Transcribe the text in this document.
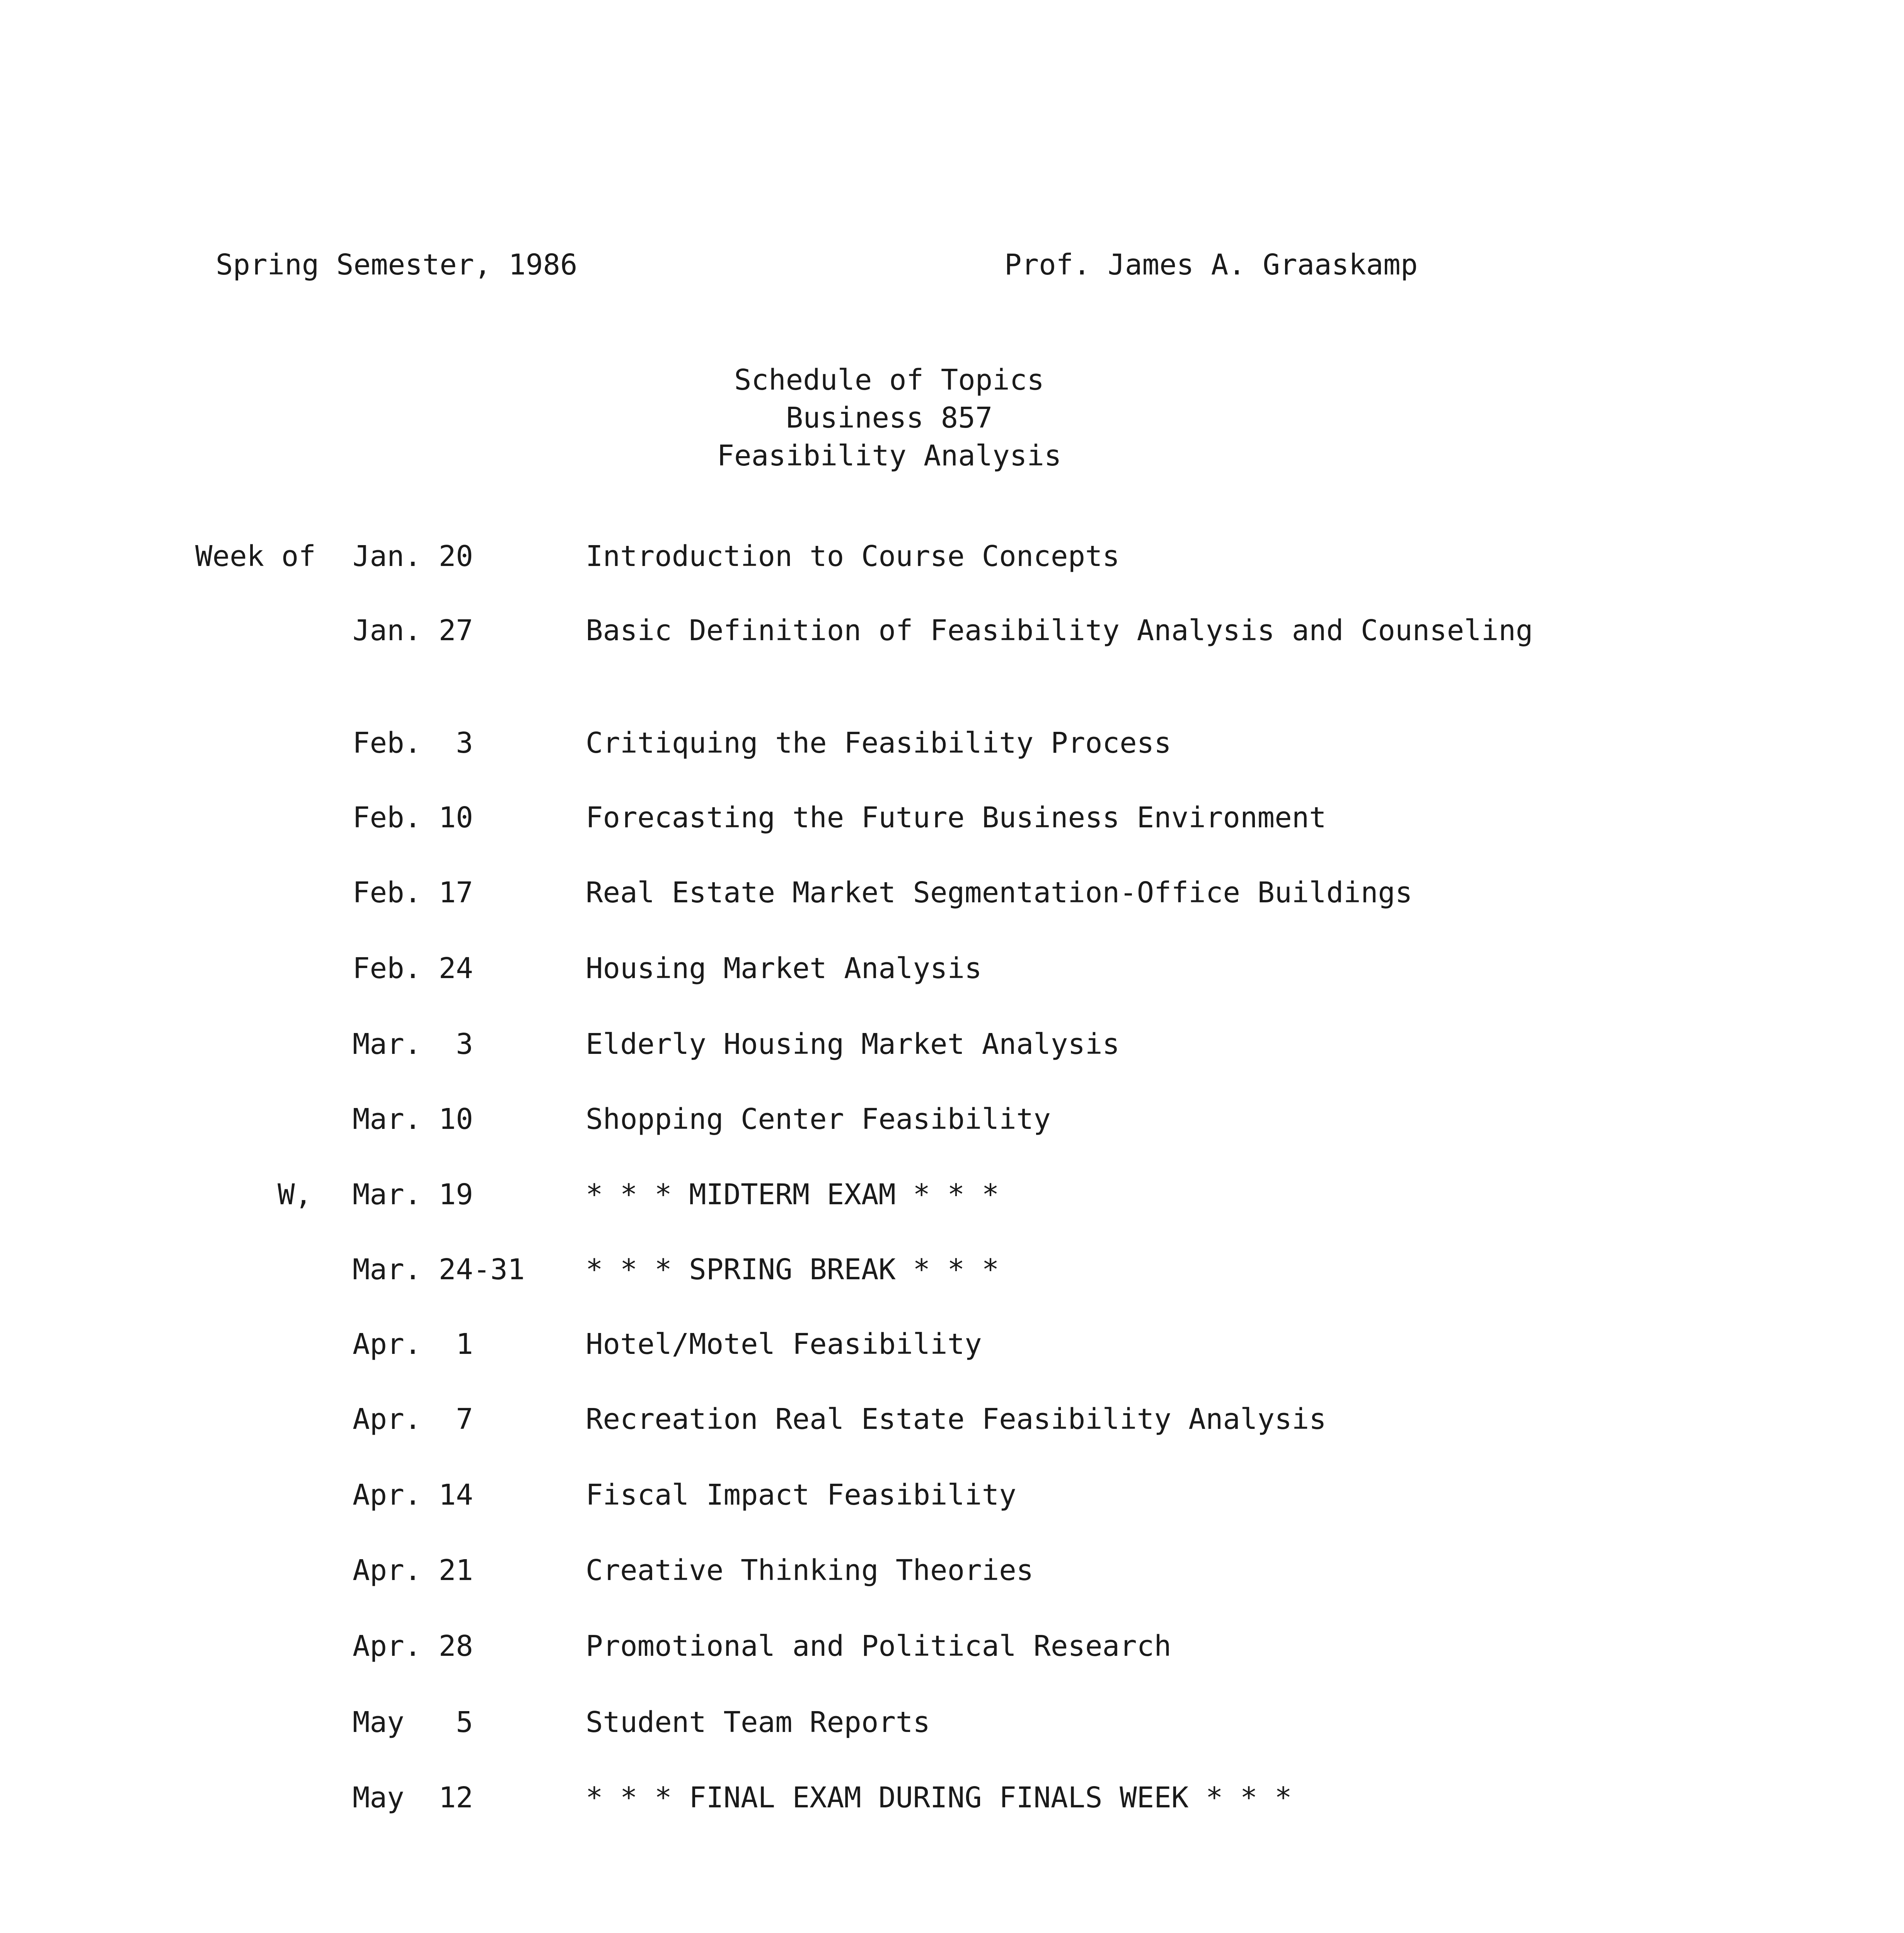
Spring Semester, 1986	Prof. James A. Graaskamp
Schedule of Topics
Business 857
Feasibility Analysis
Week of Jan. 20	Introduction to Course Concepts
Jan. 27	Basic Definition of Feasibility Analysis and Counseling
Feb.  3	Critiquing the Feasibility Process
Feb. 10	Forecasting the Future Business Environment
Feb. 17	Real Estate Market Segmentation-Office Buildings
Feb. 24	Housing Market Analysis
Mar.  3	Elderly Housing Market Analysis
Mar. 10	Shopping Center Feasibility
W, Mar. 19	* * * MIDTERM EXAM * * *
Mar. 24-31 * * * SPRING BREAK * * *
Apr.  1	Hotel/Motel Feasibility
Apr.  7	Recreation Real Estate Feasibility Analysis
Apr. 14	Fiscal Impact Feasibility
Apr. 21	Creative Thinking Theories
Apr. 28	Promotional and Political Research
May   5	Student Team Reports
May  12	* * * FINAL EXAM DURING FINALS WEEK * * *
